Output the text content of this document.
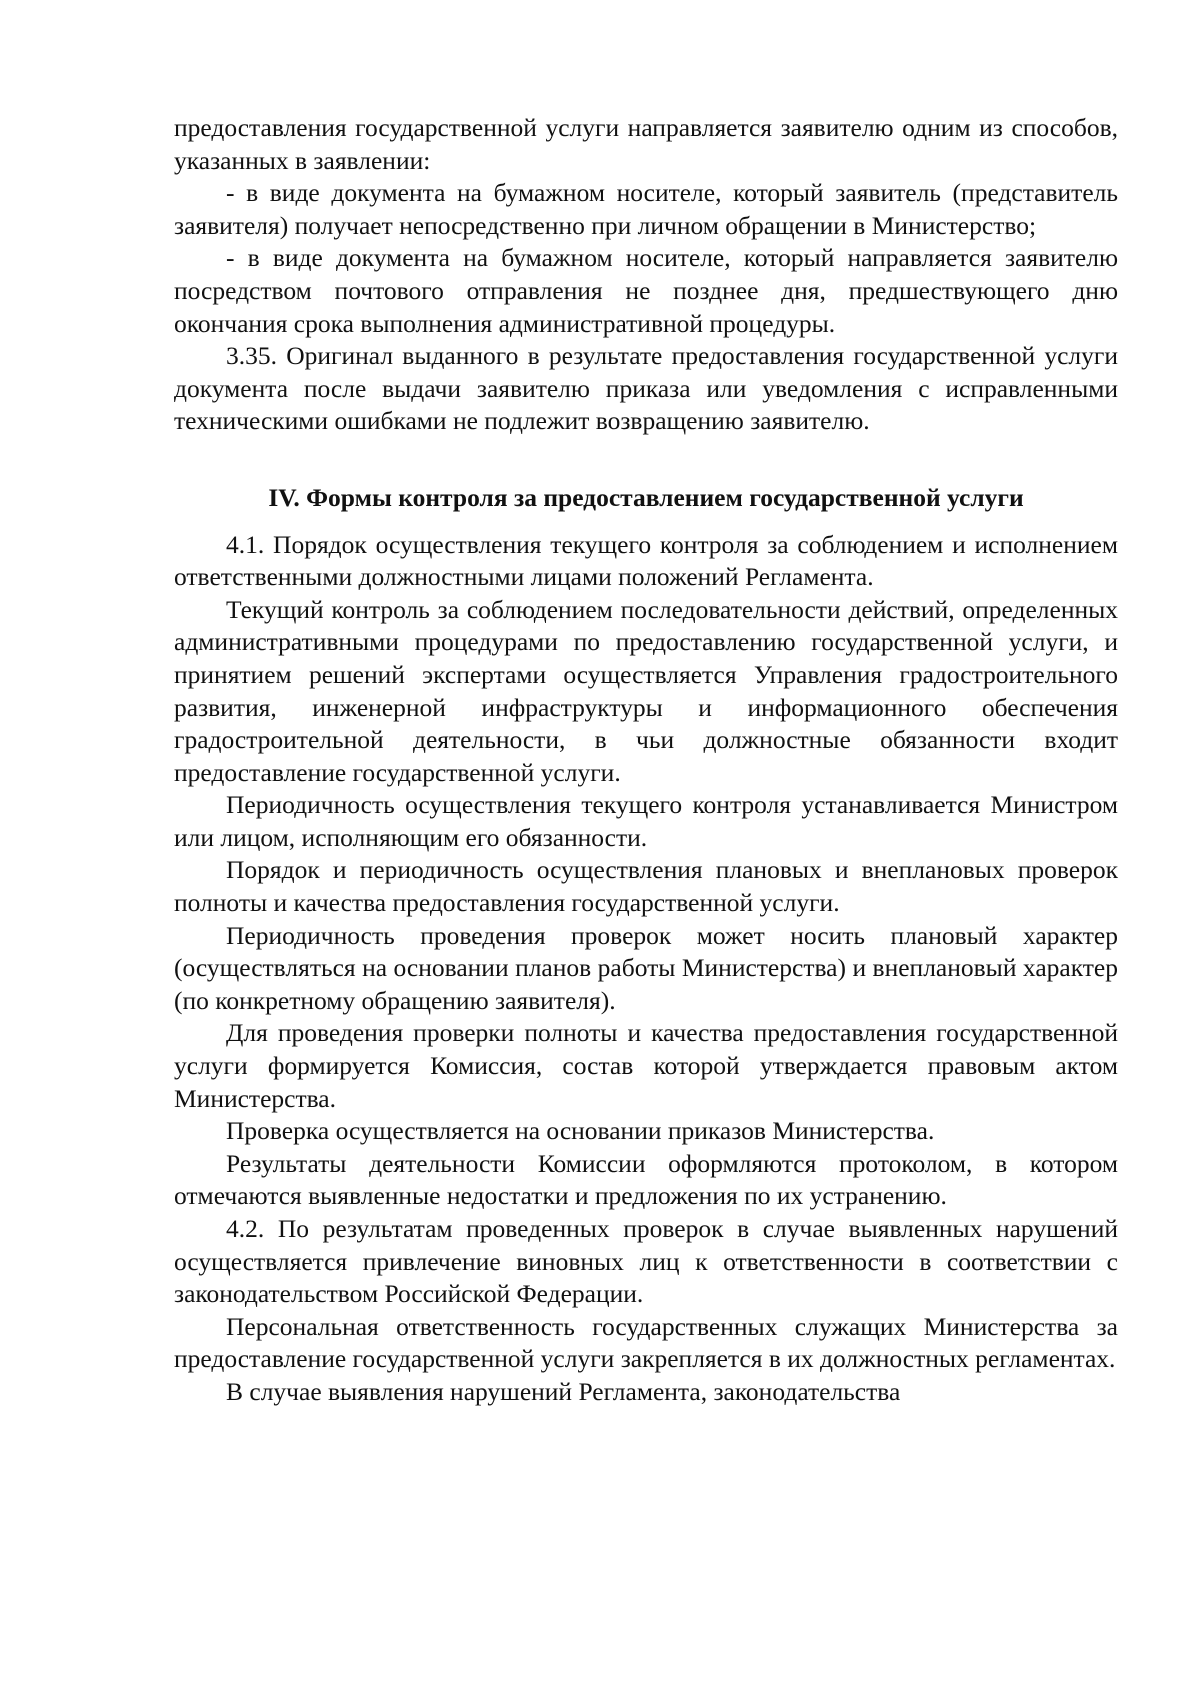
предоставления государственной услуги направляется заявителю одним из способов, указанных в заявлении:

- в виде документа на бумажном носителе, который заявитель (представитель заявителя) получает непосредственно при личном обращении в Министерство;

- в виде документа на бумажном носителе, который направляется заявителю посредством почтового отправления не позднее дня, предшествующего дню окончания срока выполнения административной процедуры.

3.35. Оригинал выданного в результате предоставления государственной услуги документа после выдачи заявителю приказа или уведомления с исправленными техническими ошибками не подлежит возвращению заявителю.

IV. Формы контроля за предоставлением государственной услуги

4.1. Порядок осуществления текущего контроля за соблюдением и исполнением ответственными должностными лицами положений Регламента.

Текущий контроль за соблюдением последовательности действий, определенных административными процедурами по предоставлению государственной услуги, и принятием решений экспертами осуществляется Управления градостроительного развития, инженерной инфраструктуры и информационного обеспечения градостроительной деятельности, в чьи должностные обязанности входит предоставление государственной услуги.

Периодичность осуществления текущего контроля устанавливается Министром или лицом, исполняющим его обязанности.

Порядок и периодичность осуществления плановых и внеплановых проверок полноты и качества предоставления государственной услуги.

Периодичность проведения проверок может носить плановый характер (осуществляться на основании планов работы Министерства) и внеплановый характер (по конкретному обращению заявителя).

Для проведения проверки полноты и качества предоставления государственной услуги формируется Комиссия, состав которой утверждается правовым актом Министерства.

Проверка осуществляется на основании приказов Министерства.

Результаты деятельности Комиссии оформляются протоколом, в котором отмечаются выявленные недостатки и предложения по их устранению.

4.2. По результатам проведенных проверок в случае выявленных нарушений осуществляется привлечение виновных лиц к ответственности в соответствии с законодательством Российской Федерации.

Персональная ответственность государственных служащих Министерства за предоставление государственной услуги закрепляется в их должностных регламентах.

В случае выявления нарушений Регламента, законодательства
